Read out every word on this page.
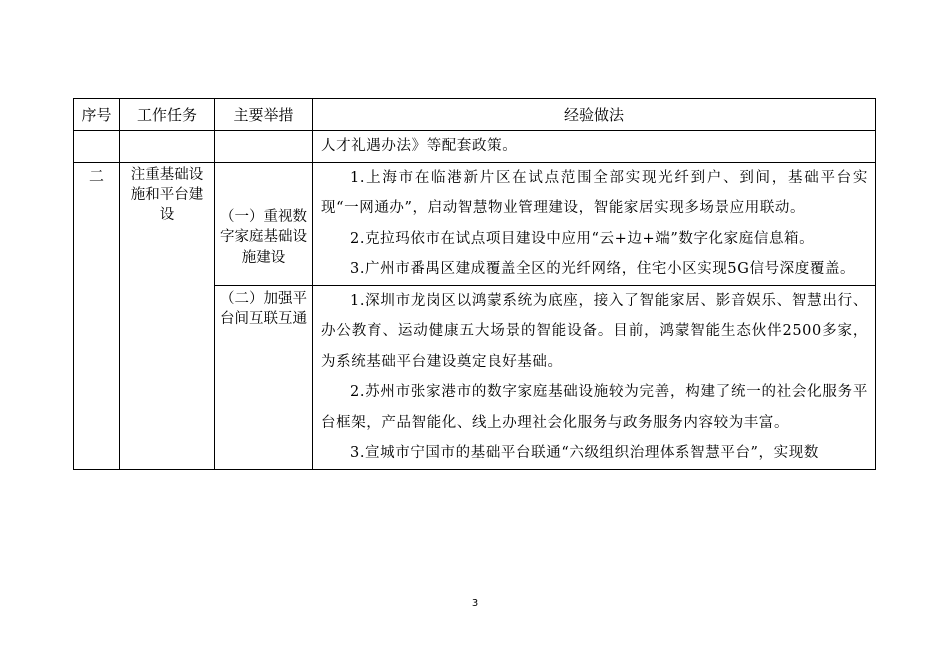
序号	工作任务	主要举措	经验做法

			人才礼遇办法》等配套政策。

二	注重基础设施和平台建设	（一）重视数字家庭基础设施建设	1.上海市在临港新片区在试点范围全部实现光纤到户、到间，基础平台实现“一网通办”，启动智慧物业管理建设，智能家居实现多场景应用联动。

2.克拉玛依市在试点项目建设中应用“云+边+端”数字化家庭信息箱。

3.广州市番禺区建成覆盖全区的光纤网络，住宅小区实现5G信号深度覆盖。

		（二）加强平台间互联互通	1.深圳市龙岗区以鸿蒙系统为底座，接入了智能家居、影音娱乐、智慧出行、办公教育、运动健康五大场景的智能设备。目前，鸿蒙智能生态伙伴2500多家，为系统基础平台建设奠定良好基础。

2.苏州市张家港市的数字家庭基础设施较为完善，构建了统一的社会化服务平台框架，产品智能化、线上办理社会化服务与政务服务内容较为丰富。

3.宣城市宁国市的基础平台联通“六级组织治理体系智慧平台”，实现数

3
